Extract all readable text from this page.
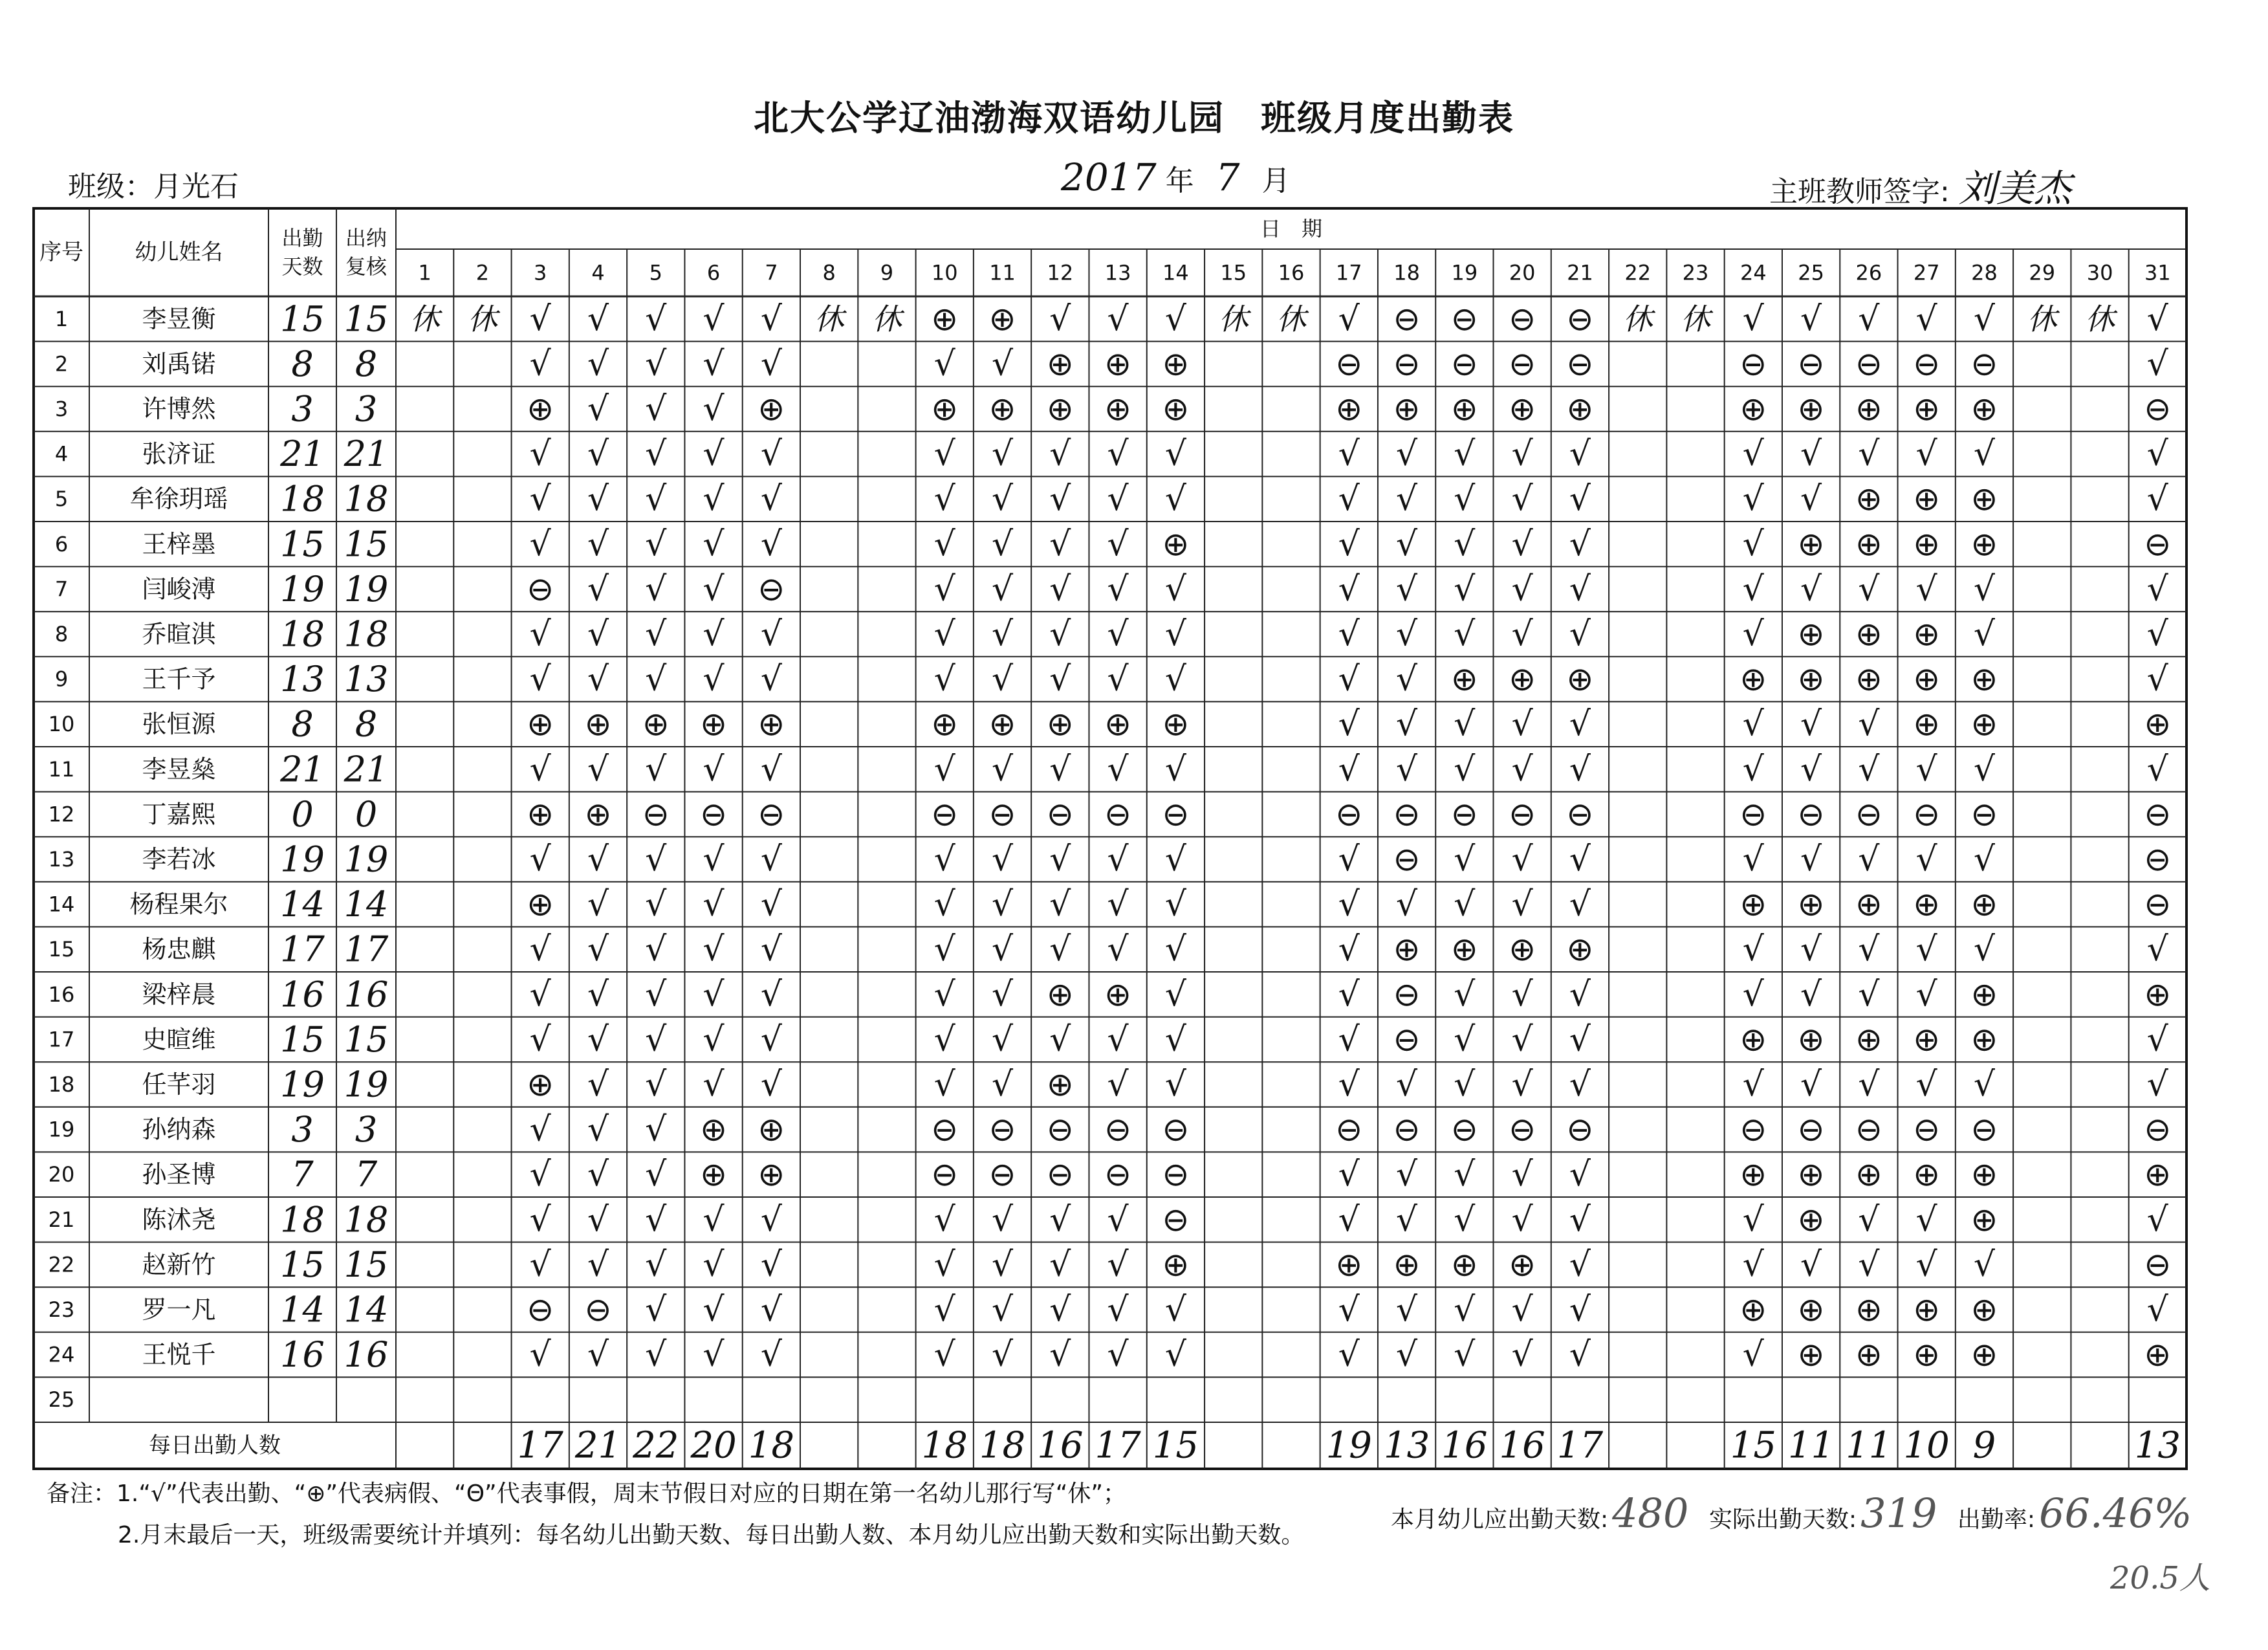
北大公学辽油渤海双语幼儿园　班级月度出勤表
班级：月光石	2017 年 7 月	主班教师签字: 刘美杰
序号 幼儿姓名
出勤
天数
出纳
复核
日　期
1 2 3 4 5 6 7 8 9 10 11 12 13 14 15 16 17 18 19 20 21 22 23 24 25 26 27 28 29 30 31
1	李昱衡 15 15 休 休 √ √ √ √ √ 休 休 ⊕ ⊕ √ √ √ 休 休 √ ⊖ ⊖ ⊖ ⊖ 休 休 √ √ √ √ √ 休 休 √
2	刘禹锘 8 8	√ √ √ √ √	√ √ ⊕ ⊕ ⊕	⊖ ⊖ ⊖ ⊖ ⊖	⊖ ⊖ ⊖ ⊖ ⊖	√
3	许博然 3 3	⊕ √ √ √ ⊕	⊕ ⊕ ⊕ ⊕ ⊕	⊕ ⊕ ⊕ ⊕ ⊕	⊕ ⊕ ⊕ ⊕ ⊕	⊖
4	张济证 21 21	√ √ √ √ √	√ √ √ √ √	√ √ √ √ √	√ √ √ √ √	√
5	牟徐玥瑶 18 18	√ √ √ √ √	√ √ √ √ √	√ √ √ √ √	√ √ ⊕ ⊕ ⊕	√
6	王梓墨 15 15	√ √ √ √ √	√ √ √ √ ⊕	√ √ √ √ √	√ ⊕ ⊕ ⊕ ⊕	⊖
7	闫峻溥 19 19	⊖ √ √ √ ⊖	√ √ √ √ √	√ √ √ √ √	√ √ √ √ √	√
8	乔暄淇 18 18	√ √ √ √ √	√ √ √ √ √	√ √ √ √ √	√ ⊕ ⊕ ⊕ √	√
9	王千予 13 13	√ √ √ √ √	√ √ √ √ √	√ √ ⊕ ⊕ ⊕	⊕ ⊕ ⊕ ⊕ ⊕	√
10	张恒源 8 8	⊕ ⊕ ⊕ ⊕ ⊕	⊕ ⊕ ⊕ ⊕ ⊕	√ √ √ √ √	√ √ √ ⊕ ⊕	⊕
11	李昱燊 21 21	√ √ √ √ √	√ √ √ √ √	√ √ √ √ √	√ √ √ √ √	√
12	丁嘉熙 0 0	⊕ ⊕ ⊖ ⊖ ⊖	⊖ ⊖ ⊖ ⊖ ⊖	⊖ ⊖ ⊖ ⊖ ⊖	⊖ ⊖ ⊖ ⊖ ⊖	⊖
13	李若冰 19 19	√ √ √ √ √	√ √ √ √ √	√ ⊖ √ √ √	√ √ √ √ √	⊖
14 杨程果尔 14 14	⊕ √ √ √ √	√ √ √ √ √	√ √ √ √ √	⊕ ⊕ ⊕ ⊕ ⊕	⊖
15	杨忠麒 17 17	√ √ √ √ √	√ √ √ √ √	√ ⊕ ⊕ ⊕ ⊕	√ √ √ √ √	√
16	梁梓晨 16 16	√ √ √ √ √	√ √ ⊕ ⊕ √	√ ⊖ √ √ √	√ √ √ √ ⊕	⊕
17	史暄维 15 15	√ √ √ √ √	√ √ √ √ √	√ ⊖ √ √ √	⊕ ⊕ ⊕ ⊕ ⊕	√
18	任芊羽 19 19	⊕ √ √ √ √	√ √ ⊕ √ √	√ √ √ √ √	√ √ √ √ √	√
19	孙纳森 3 3	√ √ √ ⊕ ⊕	⊖ ⊖ ⊖ ⊖ ⊖	⊖ ⊖ ⊖ ⊖ ⊖	⊖ ⊖ ⊖ ⊖ ⊖	⊖
20	孙圣博 7 7	√ √ √ ⊕ ⊕	⊖ ⊖ ⊖ ⊖ ⊖	√ √ √ √ √	⊕ ⊕ ⊕ ⊕ ⊕	⊕
21	陈沭尧 18 18	√ √ √ √ √	√ √ √ √ ⊖	√ √ √ √ √	√ ⊕ √ √ ⊕	√
22	赵新竹 15 15	√ √ √ √ √	√ √ √ √ ⊕	⊕ ⊕ ⊕ ⊕ √	√ √ √ √ √	⊖
23	罗一凡 14 14	⊖ ⊖ √ √ √	√ √ √ √ √	√ √ √ √ √	⊕ ⊕ ⊕ ⊕ ⊕	√
24	王悦千 16 16	√ √ √ √ √	√ √ √ √ √	√ √ √ √ √	√ ⊕ ⊕ ⊕ ⊕	⊕
25
每日出勤人数	17 21 22 20 18	18 18 16 17 15	19 13 16 16 17	15 11 11 10 9	13
备注：1.“√”代表出勤、“⊕”代表病假、“Θ”代表事假，周末节假日对应的日期在第一名幼儿那行写“休”；
2.月末最后一天，班级需要统计并填列：每名幼儿出勤天数、每日出勤人数、本月幼儿应出勤天数和实际出勤天数。
本月幼儿应出勤天数:480 实际出勤天数:319 出勤率:66.46%
20.5人
